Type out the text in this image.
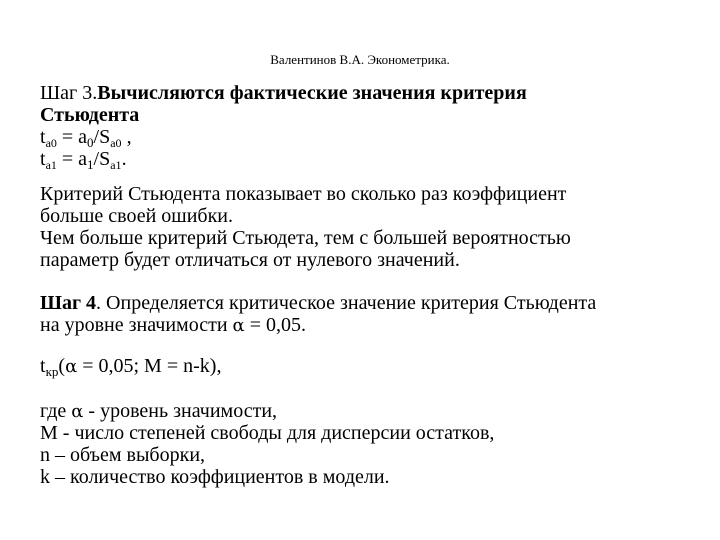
Валентинов В.А. Эконометрика.
Шаг 3.Вычисляются фактические значения критерия
Стьюдента
$t_{a0} = a_0/S_{a0}$ ,
$t_{a1} = a_1/S_{a1}$.
Критерий Стьюдента показывает во сколько раз коэффициент
больше своей ошибки.
Чем больше критерий Стьюдета, тем с большей вероятностью
параметр будет отличаться от нулевого значений.
Шаг 4. Определяется критическое значение критерия Стьюдента
на уровне значимости α = 0,05.
$t_{кр}(\alpha = 0,05$; M = n-k),
где α - уровень значимости,
M - число степеней свободы для дисперсии остатков,
n – объем выборки,
k – количество коэффициентов в модели.
